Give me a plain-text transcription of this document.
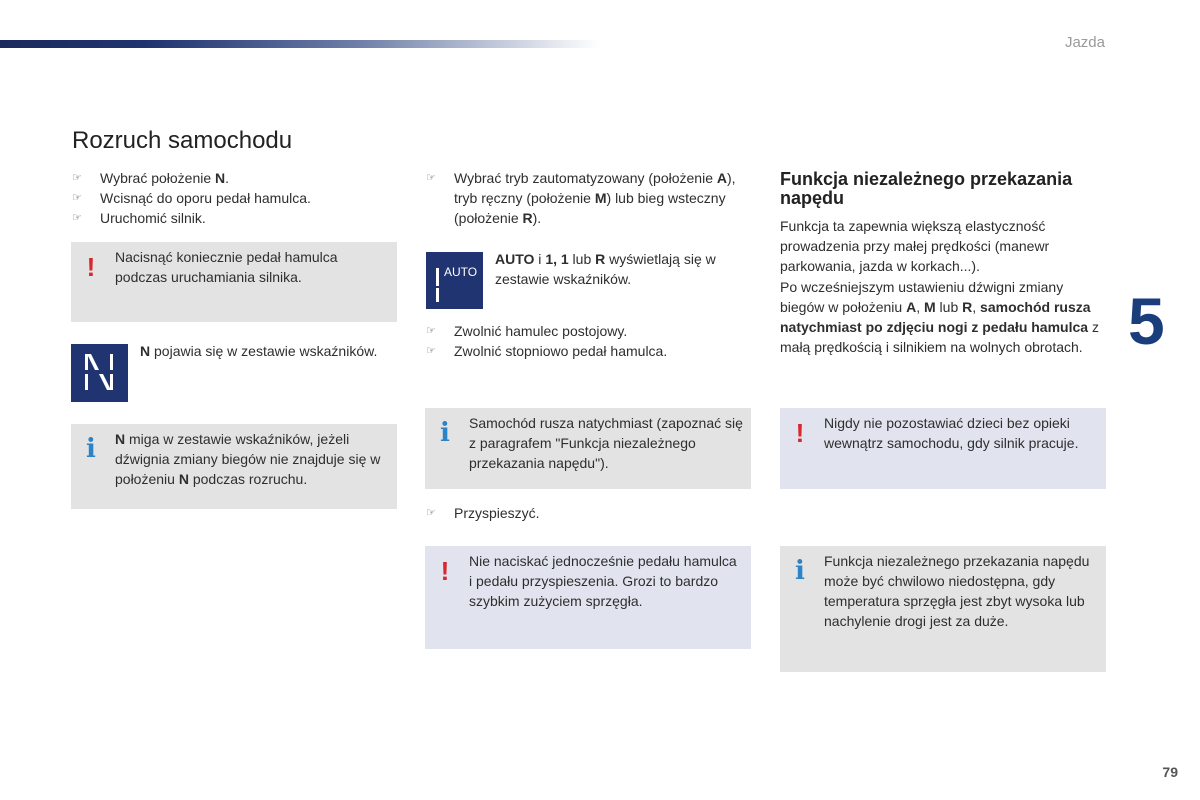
Jazda
5
79
Rozruch samochodu
☞ Wybrać położenie N.
☞ Wcisnąć do oporu pedał hamulca.
☞ Uruchomić silnik.
!	Nacisnąć koniecznie pedał hamulca podczas uruchamiania silnika.
N pojawia się w zestawie wskaźników.
i	N miga w zestawie wskaźników, jeżeli dźwignia zmiany biegów nie znajduje się w położeniu N podczas rozruchu.
☞ Wybrać tryb zautomatyzowany (położenie A), tryb ręczny (położenie M) lub bieg wsteczny (położenie R).
AUTO
AUTO i 1, 1 lub R wyświetlają się w zestawie wskaźników.
☞ Zwolnić hamulec postojowy.
☞ Zwolnić stopniowo pedał hamulca.
i	Samochód rusza natychmiast (zapoznać się z paragrafem "Funkcja niezależnego przekazania napędu").
☞ Przyspieszyć.
!	Nie naciskać jednocześnie pedału hamulca i pedału przyspieszenia. Grozi to bardzo szybkim zużyciem sprzęgła.
Funkcja niezależnego przekazania napędu
Funkcja ta zapewnia większą elastyczność prowadzenia przy małej prędkości (manewr parkowania, jazda w korkach...).
Po wcześniejszym ustawieniu dźwigni zmiany biegów w położeniu A, M lub R, samochód rusza natychmiast po zdjęciu nogi z pedału hamulca z małą prędkością i silnikiem na wolnych obrotach.
!	Nigdy nie pozostawiać dzieci bez opieki wewnątrz samochodu, gdy silnik pracuje.
i	Funkcja niezależnego przekazania napędu może być chwilowo niedostępna, gdy temperatura sprzęgła jest zbyt wysoka lub nachylenie drogi jest za duże.
